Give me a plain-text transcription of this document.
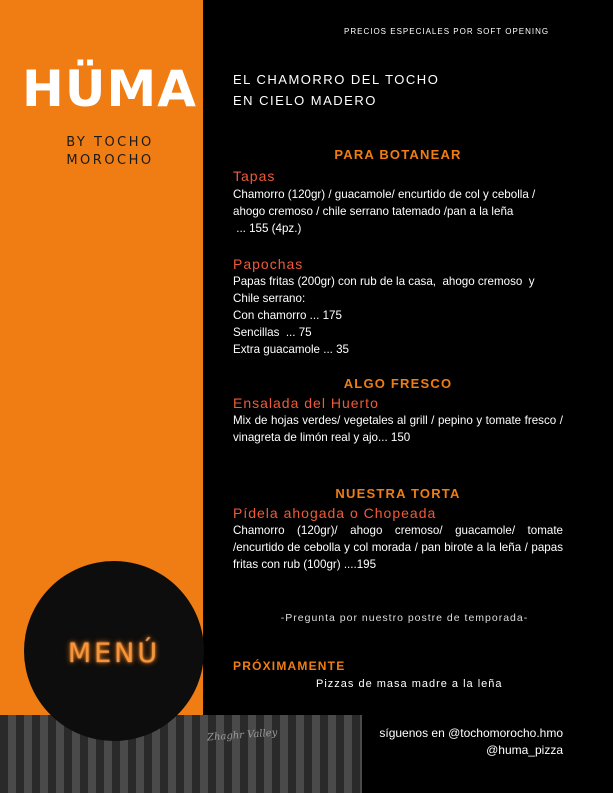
HÜMA
BY TOCHO
MOROCHO
MENÚ
Zhaghr Valley	síguenos en @tochomorocho.hmo
@huma_pizza
PRECIOS ESPECIALES POR SOFT OPENING
EL CHAMORRO DEL TOCHO
EN CIELO MADERO
PARA BOTANEAR
Tapas
Chamorro (120gr) / guacamole/ encurtido de col y cebolla /
ahogo cremoso / chile serrano tatemado /pan a la leña
... 155 (4pz.)
Papochas
Papas fritas (200gr) con rub de la casa,  ahogo cremoso  y
Chile serrano:
Con chamorro ... 175
Sencillas  ... 75
Extra guacamole ... 35
ALGO FRESCO
Ensalada del Huerto
Mix de hojas verdes/ vegetales al grill / pepino y tomate fresco / vinagreta de limón real y ajo... 150
NUESTRA TORTA
Pídela ahogada o Chopeada
Chamorro (120gr)/ ahogo cremoso/ guacamole/ tomate /encurtido de cebolla y col morada / pan birote a la leña / papas fritas con rub (100gr) ....195
-Pregunta por nuestro postre de temporada-
PRÓXIMAMENTE
Pizzas de masa madre a la leña
